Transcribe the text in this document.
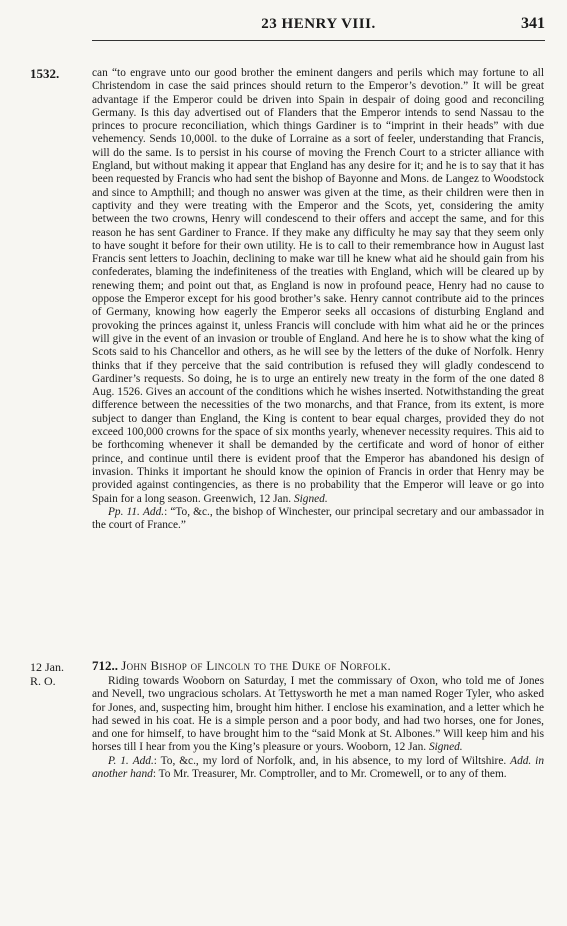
23 HENRY VIII.	341
1532.	can “to engrave unto our good brother the eminent dangers and perils which may fortune to all Christendom in case the said princes should return to the Emperor’s devotion.” It will be great advantage if the Emperor could be driven into Spain in despair of doing good and reconciling Germany. Is this day advertised out of Flanders that the Emperor intends to send Nassau to the princes to procure reconciliation, which things Gardiner is to “imprint in their heads” with due vehemency. Sends 10,000l. to the duke of Lorraine as a sort of feeler, understanding that Francis, will do the same. Is to persist in his course of moving the French Court to a stricter alliance with England, but without making it appear that England has any desire for it; and he is to say that it has been requested by Francis who had sent the bishop of Bayonne and Mons. de Langez to Woodstock and since to Ampthill; and though no answer was given at the time, as their children were then in captivity and they were treating with the Emperor and the Scots, yet, considering the amity between the two crowns, Henry will condescend to their offers and accept the same, and for this reason he has sent Gardiner to France. If they make any difficulty he may say that they seem only to have sought it before for their own utility. He is to call to their remembrance how in August last Francis sent letters to Joachin, declining to make war till he knew what aid he should gain from his confederates, blaming the indefiniteness of the treaties with England, which will be cleared up by renewing them; and point out that, as England is now in profound peace, Henry had no cause to oppose the Emperor except for his good brother’s sake. Henry cannot contribute aid to the princes of Germany, knowing how eagerly the Emperor seeks all occasions of disturbing England and provoking the princes against it, unless Francis will conclude with him what aid he or the princes will give in the event of an invasion or trouble of England. And here he is to show what the king of Scots said to his Chancellor and others, as he will see by the letters of the duke of Norfolk. Henry thinks that if they perceive that the said contribution is refused they will gladly condescend to Gardiner’s requests. So doing, he is to urge an entirely new treaty in the form of the one dated 8 Aug. 1526. Gives an account of the conditions which he wishes inserted. Notwithstanding the great difference between the necessities of the two monarchs, and that France, from its extent, is more subject to danger than England, the King is content to bear equal charges, provided they do not exceed 100,000 crowns for the space of six months yearly, whenever necessity requires. This aid to be forthcoming whenever it shall be demanded by the certificate and word of honor of either prince, and continue until there is evident proof that the Emperor has abandoned his design of invasion. Thinks it important he should know the opinion of Francis in order that Henry may be provided against contingencies, as there is no probability that the Emperor will leave or go into Spain for a long season. Greenwich, 12 Jan. Signed.

Pp. 11. Add.: “To, &c., the bishop of Winchester, our principal secretary and our ambassador in the court of France.”

12 Jan.
R. O.
712.. John Bishop of Lincoln to the Duke of Norfolk.

Riding towards Wooborn on Saturday, I met the commissary of Oxon, who told me of Jones and Nevell, two ungracious scholars. At Tettysworth he met a man named Roger Tyler, who asked for Jones, and, suspecting him, brought him hither. I enclose his examination, and a letter which he had sewed in his coat. He is a simple person and a poor body, and had two horses, one for Jones, and one for himself, to have brought him to the “said Monk at St. Albones.” Will keep him and his horses till I hear from you the King’s pleasure or yours. Wooborn, 12 Jan. Signed.

P. 1. Add.: To, &c., my lord of Norfolk, and, in his absence, to my lord of Wiltshire. Add. in another hand: To Mr. Treasurer, Mr. Comptroller, and to Mr. Cromewell, or to any of them.
